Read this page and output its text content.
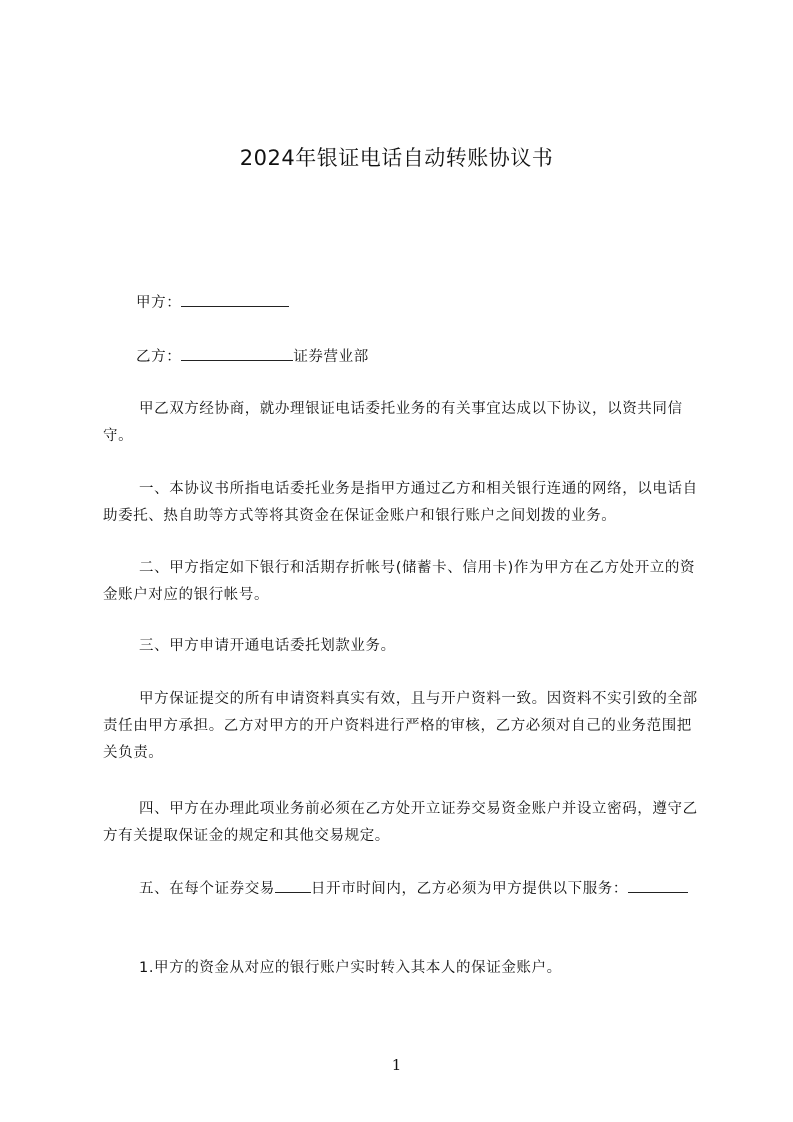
2024年银证电话自动转账协议书
甲方：
乙方：	证券营业部
甲乙双方经协商，就办理银证电话委托业务的有关事宜达成以下协议，以资共同信守。
一、本协议书所指电话委托业务是指甲方通过乙方和相关银行连通的网络，以电话自助委托、热自助等方式等将其资金在保证金账户和银行账户之间划拨的业务。
二、甲方指定如下银行和活期存折帐号(储蓄卡、信用卡)作为甲方在乙方处开立的资金账户对应的银行帐号。
三、甲方申请开通电话委托划款业务。
甲方保证提交的所有申请资料真实有效，且与开户资料一致。因资料不实引致的全部责任由甲方承担。乙方对甲方的开户资料进行严格的审核，乙方必须对自己的业务范围把关负责。
四、甲方在办理此项业务前必须在乙方处开立证券交易资金账户并设立密码，遵守乙方有关提取保证金的规定和其他交易规定。
五、在每个证券交易 日开市时间内，乙方必须为甲方提供以下服务：
1.甲方的资金从对应的银行账户实时转入其本人的保证金账户。
1
